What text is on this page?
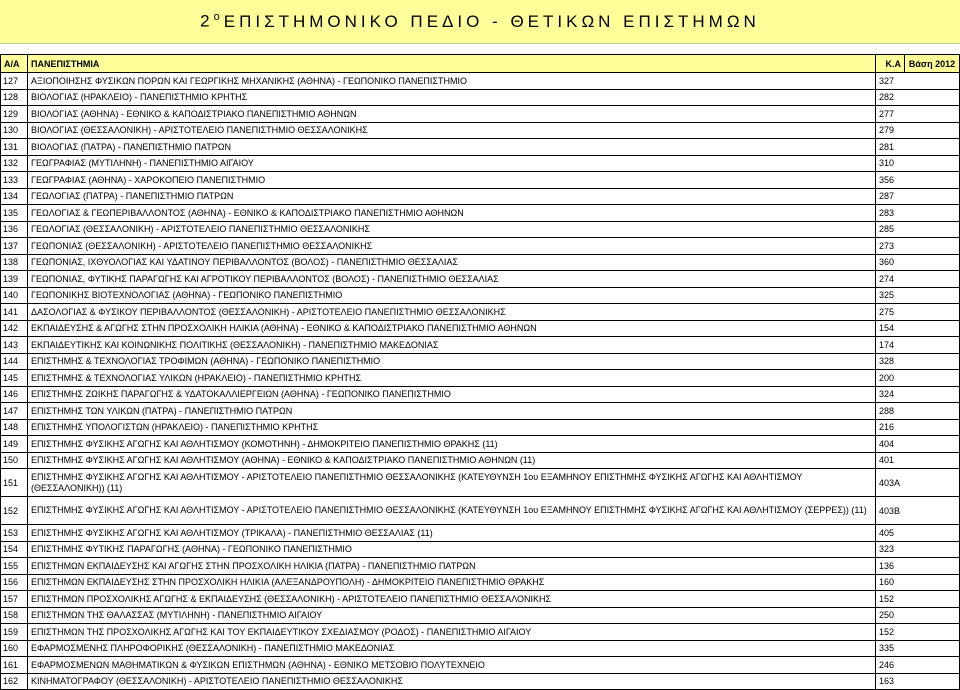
$2^o$ ΕΠΙΣΤΗΜΟΝΙΚΟ ΠΕΔΙΟ - ΘΕΤΙΚΩΝ ΕΠΙΣΤΗΜΩΝ
Α/Α	ΠΑΝΕΠΙΣΤΗΜΙΑ	Κ.Α	Βάση 2012
127	ΑΞΙΟΠΟΙΗΣΗΣ ΦΥΣΙΚΩΝ ΠΟΡΩΝ ΚΑΙ ΓΕΩΡΓΙΚΗΣ ΜΗΧΑΝΙΚΗΣ (ΑΘΗΝΑ) - ΓΕΩΠΟΝΙΚΟ ΠΑΝΕΠΙΣΤΗΜΙΟ	327	
128	ΒΙΟΛΟΓΙΑΣ (ΗΡΑΚΛΕΙΟ) - ΠΑΝΕΠΙΣΤΗΜΙΟ ΚΡΗΤΗΣ	282	
129	ΒΙΟΛΟΓΙΑΣ (ΑΘΗΝΑ) - ΕΘΝΙΚΟ & ΚΑΠΟΔΙΣΤΡΙΑΚΟ ΠΑΝΕΠΙΣΤΗΜΙΟ ΑΘΗΝΩΝ	277	
130	ΒΙΟΛΟΓΙΑΣ (ΘΕΣΣΑΛΟΝΙΚΗ) - ΑΡΙΣΤΟΤΕΛΕΙΟ ΠΑΝΕΠΙΣΤΗΜΙΟ ΘΕΣΣΑΛΟΝΙΚΗΣ	279	
131	ΒΙΟΛΟΓΙΑΣ (ΠΑΤΡΑ) - ΠΑΝΕΠΙΣΤΗΜΙΟ ΠΑΤΡΩΝ	281	
132	ΓΕΩΓΡΑΦΙΑΣ (ΜΥΤΙΛΗΝΗ) - ΠΑΝΕΠΙΣΤΗΜΙΟ ΑΙΓΑΙΟΥ	310	
133	ΓΕΩΓΡΑΦΙΑΣ (ΑΘΗΝΑ) - ΧΑΡΟΚΟΠΕΙΟ ΠΑΝΕΠΙΣΤΗΜΙΟ	356	
134	ΓΕΩΛΟΓΙΑΣ (ΠΑΤΡΑ) - ΠΑΝΕΠΙΣΤΗΜΙΟ ΠΑΤΡΩΝ	287	
135	ΓΕΩΛΟΓΙΑΣ & ΓΕΩΠΕΡΙΒΑΛΛΟΝΤΟΣ (ΑΘΗΝΑ) - ΕΘΝΙΚΟ & ΚΑΠΟΔΙΣΤΡΙΑΚΟ ΠΑΝΕΠΙΣΤΗΜΙΟ ΑΘΗΝΩΝ	283	
136	ΓΕΩΛΟΓΙΑΣ (ΘΕΣΣΑΛΟΝΙΚΗ) - ΑΡΙΣΤΟΤΕΛΕΙΟ ΠΑΝΕΠΙΣΤΗΜΙΟ ΘΕΣΣΑΛΟΝΙΚΗΣ	285	
137	ΓΕΩΠΟΝΙΑΣ (ΘΕΣΣΑΛΟΝΙΚΗ) - ΑΡΙΣΤΟΤΕΛΕΙΟ ΠΑΝΕΠΙΣΤΗΜΙΟ ΘΕΣΣΑΛΟΝΙΚΗΣ	273	
138	ΓΕΩΠΟΝΙΑΣ, ΙΧΘΥΟΛΟΓΙΑΣ ΚΑΙ ΥΔΑΤΙΝΟΥ ΠΕΡΙΒΑΛΛΟΝΤΟΣ (ΒΟΛΟΣ) - ΠΑΝΕΠΙΣΤΗΜΙΟ ΘΕΣΣΑΛΙΑΣ	360	
139	ΓΕΩΠΟΝΙΑΣ, ΦΥΤΙΚΗΣ ΠΑΡΑΓΩΓΗΣ ΚΑΙ ΑΓΡΟΤΙΚΟΥ ΠΕΡΙΒΑΛΛΟΝΤΟΣ (ΒΟΛΟΣ) - ΠΑΝΕΠΙΣΤΗΜΙΟ ΘΕΣΣΑΛΙΑΣ	274	
140	ΓΕΩΠΟΝΙΚΗΣ ΒΙΟΤΕΧΝΟΛΟΓΙΑΣ (ΑΘΗΝΑ) - ΓΕΩΠΟΝΙΚΟ ΠΑΝΕΠΙΣΤΗΜΙΟ	325	
141	ΔΑΣΟΛΟΓΙΑΣ & ΦΥΣΙΚΟΥ ΠΕΡΙΒΑΛΛΟΝΤΟΣ (ΘΕΣΣΑΛΟΝΙΚΗ) - ΑΡΙΣΤΟΤΕΛΕΙΟ ΠΑΝΕΠΙΣΤΗΜΙΟ ΘΕΣΣΑΛΟΝΙΚΗΣ	275	
142	ΕΚΠΑΙΔΕΥΣΗΣ & ΑΓΩΓΗΣ ΣΤΗΝ ΠΡΟΣΧΟΛΙΚΗ ΗΛΙΚΙΑ (ΑΘΗΝΑ) - ΕΘΝΙΚΟ & ΚΑΠΟΔΙΣΤΡΙΑΚΟ ΠΑΝΕΠΙΣΤΗΜΙΟ ΑΘΗΝΩΝ	154	
143	ΕΚΠΑΙΔΕΥΤΙΚΗΣ ΚΑΙ ΚΟΙΝΩΝΙΚΗΣ ΠΟΛΙΤΙΚΗΣ (ΘΕΣΣΑΛΟΝΙΚΗ) - ΠΑΝΕΠΙΣΤΗΜΙΟ ΜΑΚΕΔΟΝΙΑΣ	174	
144	ΕΠΙΣΤΗΜΗΣ & ΤΕΧΝΟΛΟΓΙΑΣ ΤΡΟΦΙΜΩΝ (ΑΘΗΝΑ) - ΓΕΩΠΟΝΙΚΟ ΠΑΝΕΠΙΣΤΗΜΙΟ	328	
145	ΕΠΙΣΤΗΜΗΣ & ΤΕΧΝΟΛΟΓΙΑΣ ΥΛΙΚΩΝ (ΗΡΑΚΛΕΙΟ) - ΠΑΝΕΠΙΣΤΗΜΙΟ ΚΡΗΤΗΣ	200	
146	ΕΠΙΣΤΗΜΗΣ ΖΩΙΚΗΣ ΠΑΡΑΓΩΓΗΣ & ΥΔΑΤΟΚΑΛΛΙΕΡΓΕΙΩΝ (ΑΘΗΝΑ) - ΓΕΩΠΟΝΙΚΟ ΠΑΝΕΠΙΣΤΗΜΙΟ	324	
147	ΕΠΙΣΤΗΜΗΣ ΤΩΝ ΥΛΙΚΩΝ (ΠΑΤΡΑ) - ΠΑΝΕΠΙΣΤΗΜΙΟ ΠΑΤΡΩΝ	288	
148	ΕΠΙΣΤΗΜΗΣ ΥΠΟΛΟΓΙΣΤΩΝ (ΗΡΑΚΛΕΙΟ) - ΠΑΝΕΠΙΣΤΗΜΙΟ ΚΡΗΤΗΣ	216	
149	ΕΠΙΣΤΗΜΗΣ ΦΥΣΙΚΗΣ ΑΓΩΓΗΣ ΚΑΙ ΑΘΛΗΤΙΣΜΟΥ (ΚΟΜΟΤΗΝΗ) - ΔΗΜΟΚΡΙΤΕΙΟ ΠΑΝΕΠΙΣΤΗΜΙΟ ΘΡΑΚΗΣ (11)	404	
150	ΕΠΙΣΤΗΜΗΣ ΦΥΣΙΚΗΣ ΑΓΩΓΗΣ ΚΑΙ ΑΘΛΗΤΙΣΜΟΥ (ΑΘΗΝΑ) - ΕΘΝΙΚΟ & ΚΑΠΟΔΙΣΤΡΙΑΚΟ ΠΑΝΕΠΙΣΤΗΜΙΟ ΑΘΗΝΩΝ (11)	401	
151	ΕΠΙΣΤΗΜΗΣ ΦΥΣΙΚΗΣ ΑΓΩΓΗΣ ΚΑΙ ΑΘΛΗΤΙΣΜΟΥ - ΑΡΙΣΤΟΤΕΛΕΙΟ ΠΑΝΕΠΙΣΤΗΜΙΟ ΘΕΣΣΑΛΟΝΙΚΗΣ (ΚΑΤΕΥΘΥΝΣΗ 1ου ΕΞΑΜΗΝΟΥ ΕΠΙΣΤΗΜΗΣ ΦΥΣΙΚΗΣ ΑΓΩΓΗΣ ΚΑΙ ΑΘΛΗΤΙΣΜΟΥ (ΘΕΣΣΑΛΟΝΙΚΗ)) (11)	403Α	
152	ΕΠΙΣΤΗΜΗΣ ΦΥΣΙΚΗΣ ΑΓΩΓΗΣ ΚΑΙ ΑΘΛΗΤΙΣΜΟΥ - ΑΡΙΣΤΟΤΕΛΕΙΟ ΠΑΝΕΠΙΣΤΗΜΙΟ ΘΕΣΣΑΛΟΝΙΚΗΣ (ΚΑΤΕΥΘΥΝΣΗ 1ου ΕΞΑΜΗΝΟΥ ΕΠΙΣΤΗΜΗΣ ΦΥΣΙΚΗΣ ΑΓΩΓΗΣ ΚΑΙ ΑΘΛΗΤΙΣΜΟΥ (ΣΕΡΡΕΣ)) (11)	403Β	
153	ΕΠΙΣΤΗΜΗΣ ΦΥΣΙΚΗΣ ΑΓΩΓΗΣ ΚΑΙ ΑΘΛΗΤΙΣΜΟΥ (ΤΡΙΚΑΛΑ) - ΠΑΝΕΠΙΣΤΗΜΙΟ ΘΕΣΣΑΛΙΑΣ (11)	405	
154	ΕΠΙΣΤΗΜΗΣ ΦΥΤΙΚΗΣ ΠΑΡΑΓΩΓΗΣ (ΑΘΗΝΑ) - ΓΕΩΠΟΝΙΚΟ ΠΑΝΕΠΙΣΤΗΜΙΟ	323	
155	ΕΠΙΣΤΗΜΩΝ ΕΚΠΑΙΔΕΥΣΗΣ ΚΑΙ ΑΓΩΓΗΣ ΣΤΗΝ ΠΡΟΣΧΟΛΙΚΗ ΗΛΙΚΙΑ (ΠΑΤΡΑ) - ΠΑΝΕΠΙΣΤΗΜΙΟ ΠΑΤΡΩΝ	136	
156	ΕΠΙΣΤΗΜΩΝ ΕΚΠΑΙΔΕΥΣΗΣ ΣΤΗΝ ΠΡΟΣΧΟΛΙΚΗ ΗΛΙΚΙΑ (ΑΛΕΞΑΝΔΡΟΥΠΟΛΗ) - ΔΗΜΟΚΡΙΤΕΙΟ ΠΑΝΕΠΙΣΤΗΜΙΟ ΘΡΑΚΗΣ	160	
157	ΕΠΙΣΤΗΜΩΝ ΠΡΟΣΧΟΛΙΚΗΣ ΑΓΩΓΗΣ & ΕΚΠΑΙΔΕΥΣΗΣ (ΘΕΣΣΑΛΟΝΙΚΗ) - ΑΡΙΣΤΟΤΕΛΕΙΟ ΠΑΝΕΠΙΣΤΗΜΙΟ ΘΕΣΣΑΛΟΝΙΚΗΣ	152	
158	ΕΠΙΣΤΗΜΩΝ ΤΗΣ ΘΑΛΑΣΣΑΣ (ΜΥΤΙΛΗΝΗ) - ΠΑΝΕΠΙΣΤΗΜΙΟ ΑΙΓΑΙΟΥ	250	
159	ΕΠΙΣΤΗΜΩΝ ΤΗΣ ΠΡΟΣΧΟΛΙΚΗΣ ΑΓΩΓΗΣ ΚΑΙ ΤΟΥ ΕΚΠΑΙΔΕΥΤΙΚΟΥ ΣΧΕΔΙΑΣΜΟΥ (ΡΟΔΟΣ) - ΠΑΝΕΠΙΣΤΗΜΙΟ ΑΙΓΑΙΟΥ	152	
160	ΕΦΑΡΜΟΣΜΕΝΗΣ ΠΛΗΡΟΦΟΡΙΚΗΣ (ΘΕΣΣΑΛΟΝΙΚΗ) - ΠΑΝΕΠΙΣΤΗΜΙΟ ΜΑΚΕΔΟΝΙΑΣ	335	
161	ΕΦΑΡΜΟΣΜΕΝΩΝ ΜΑΘΗΜΑΤΙΚΩΝ & ΦΥΣΙΚΩΝ ΕΠΙΣΤΗΜΩΝ (ΑΘΗΝΑ) - ΕΘΝΙΚΟ ΜΕΤΣΟΒΙΟ ΠΟΛΥΤΕΧΝΕΙΟ	246	
162	ΚΙΝΗΜΑΤΟΓΡΑΦΟΥ (ΘΕΣΣΑΛΟΝΙΚΗ) - ΑΡΙΣΤΟΤΕΛΕΙΟ ΠΑΝΕΠΙΣΤΗΜΙΟ ΘΕΣΣΑΛΟΝΙΚΗΣ	163	
